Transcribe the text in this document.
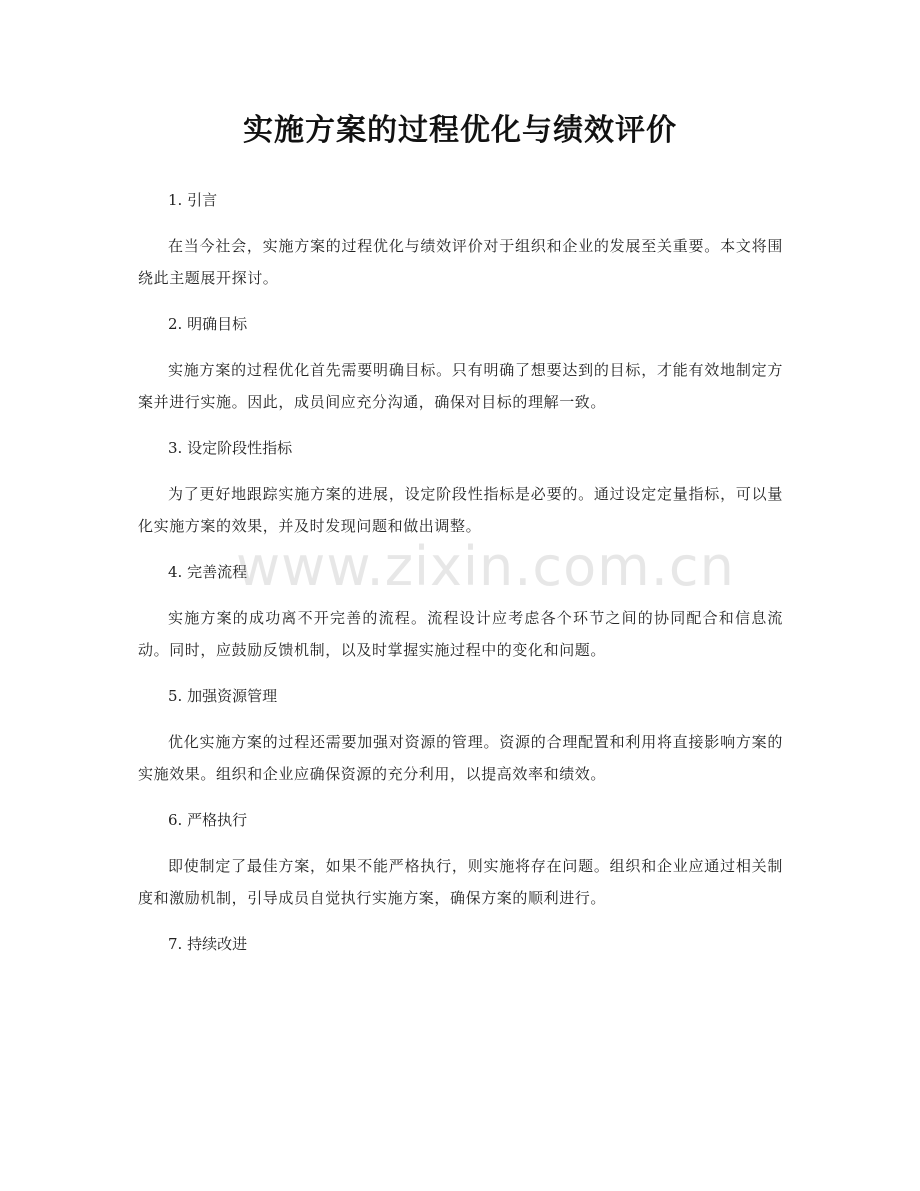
实施方案的过程优化与绩效评价
1. 引言
在当今社会，实施方案的过程优化与绩效评价对于组织和企业的发展至关重要。本文将围绕此主题展开探讨。
2. 明确目标
实施方案的过程优化首先需要明确目标。只有明确了想要达到的目标，才能有效地制定方案并进行实施。因此，成员间应充分沟通，确保对目标的理解一致。
3. 设定阶段性指标
为了更好地跟踪实施方案的进展，设定阶段性指标是必要的。通过设定定量指标，可以量化实施方案的效果，并及时发现问题和做出调整。
4. 完善流程
实施方案的成功离不开完善的流程。流程设计应考虑各个环节之间的协同配合和信息流动。同时，应鼓励反馈机制，以及时掌握实施过程中的变化和问题。
5. 加强资源管理
优化实施方案的过程还需要加强对资源的管理。资源的合理配置和利用将直接影响方案的实施效果。组织和企业应确保资源的充分利用，以提高效率和绩效。
6. 严格执行
即使制定了最佳方案，如果不能严格执行，则实施将存在问题。组织和企业应通过相关制度和激励机制，引导成员自觉执行实施方案，确保方案的顺利进行。
7. 持续改进
www.zixin.com.cn
